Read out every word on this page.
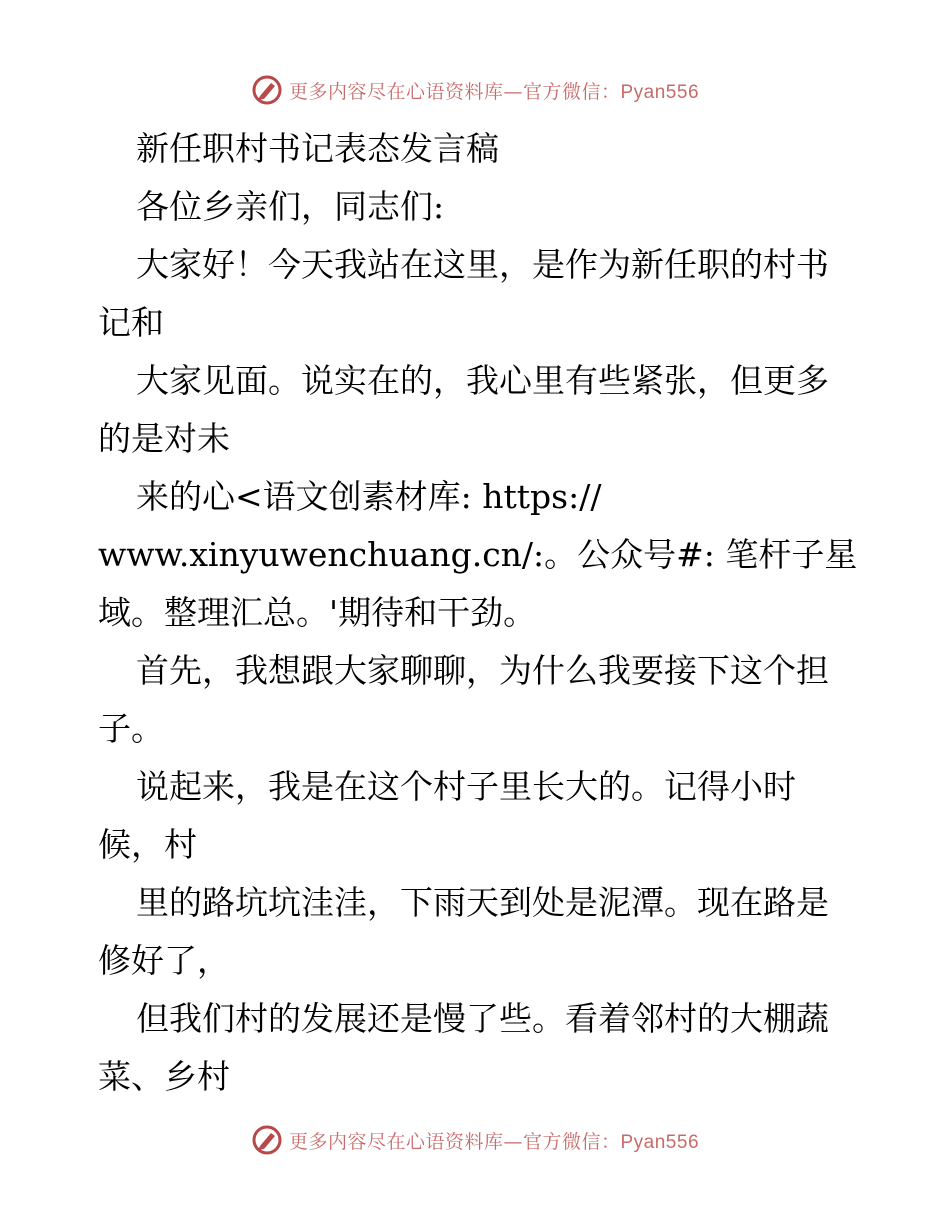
更多内容尽在心语资料库—官方微信：Pyan556
新任职村书记表态发言稿
各位乡亲们，同志们:
大家好！今天我站在这里，是作为新任职的村书
记和
大家见面。说实在的，我心里有些紧张，但更多
的是对未
来的心<语文创素材库: https://
www.xinyuwenchuang.cn/:。公众号#: 笔杆子星
域。整理汇总。'期待和干劲。
首先，我想跟大家聊聊，为什么我要接下这个担
子。
说起来，我是在这个村子里长大的。记得小时
候，村
里的路坑坑洼洼，下雨天到处是泥潭。现在路是
修好了，
但我们村的发展还是慢了些。看着邻村的大棚蔬
菜、乡村
更多内容尽在心语资料库—官方微信：Pyan556
